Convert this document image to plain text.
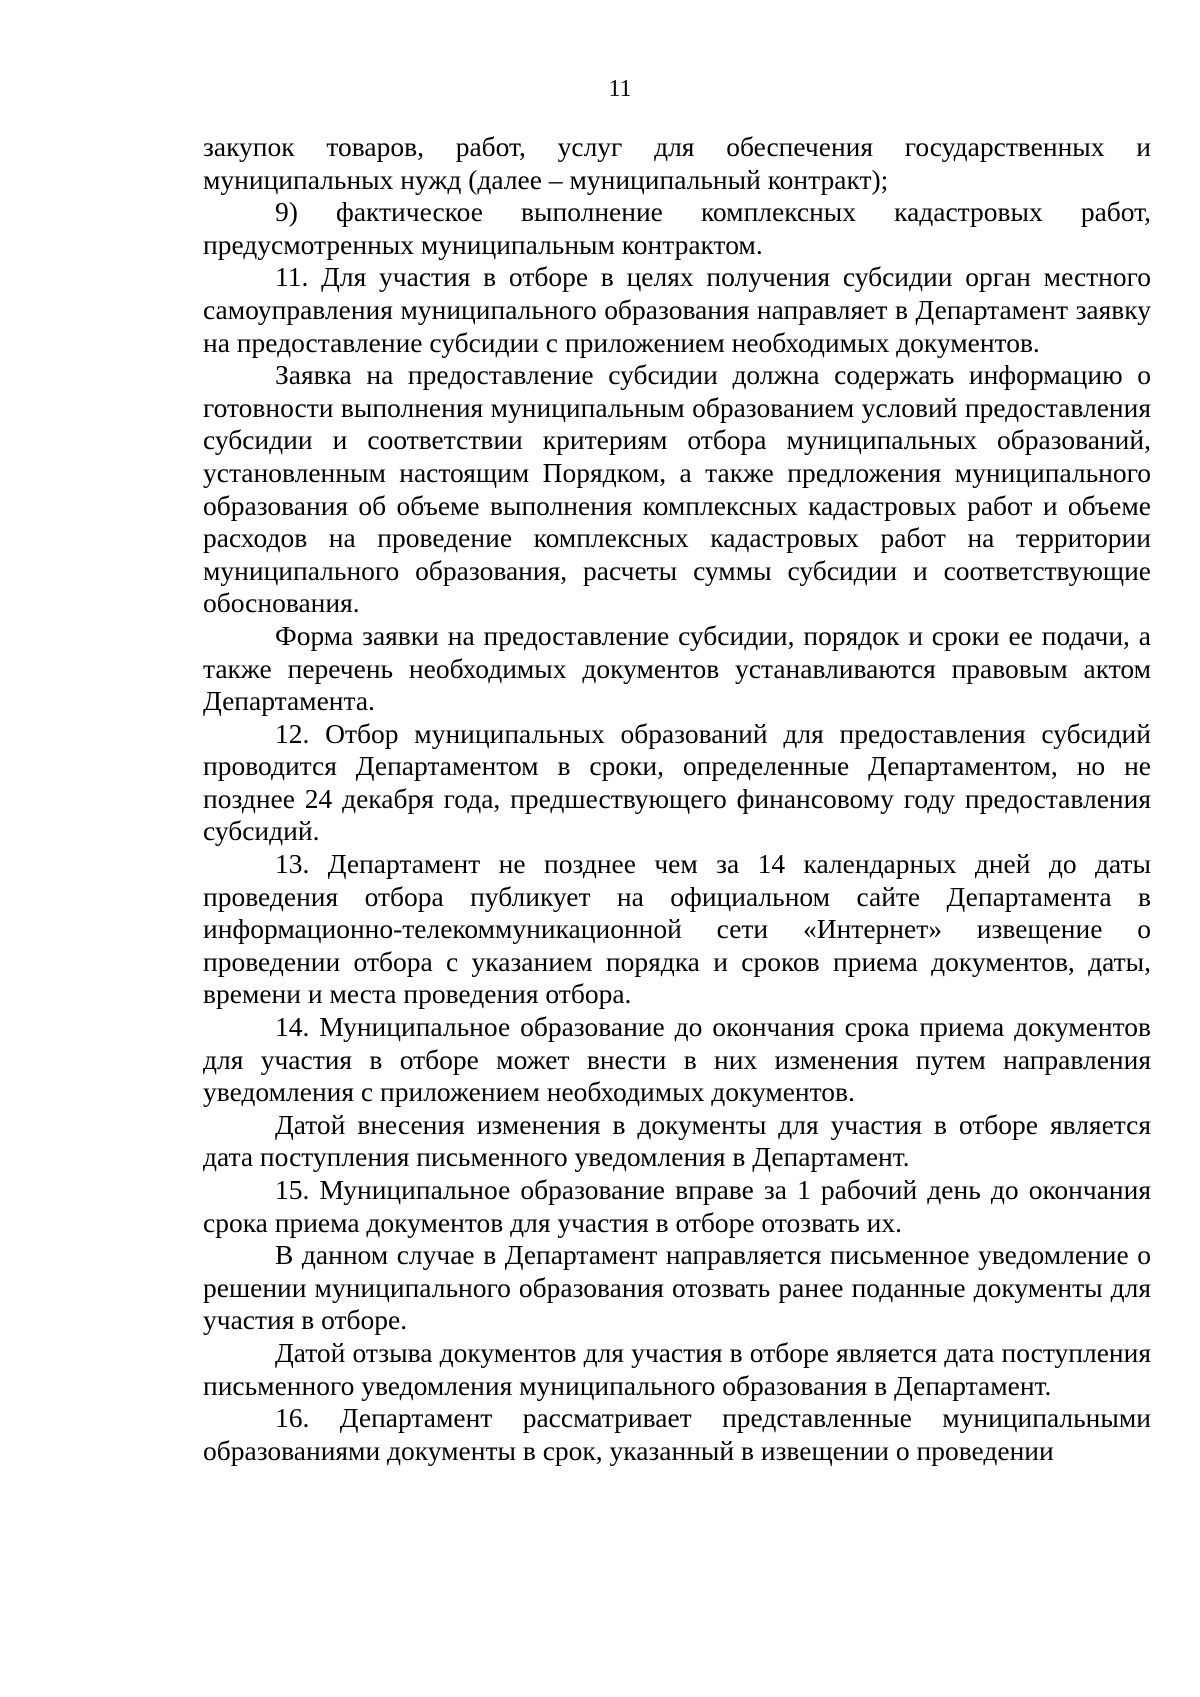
11

закупок товаров, работ, услуг для обеспечения государственных и муниципальных нужд (далее – муниципальный контракт);

9) фактическое выполнение комплексных кадастровых работ, предусмотренных муниципальным контрактом.

11. Для участия в отборе в целях получения субсидии орган местного самоуправления муниципального образования направляет в Департамент заявку на предоставление субсидии с приложением необходимых документов.

Заявка на предоставление субсидии должна содержать информацию о готовности выполнения муниципальным образованием условий предоставления субсидии и соответствии критериям отбора муниципальных образований, установленным настоящим Порядком, а также предложения муниципального образования об объеме выполнения комплексных кадастровых работ и объеме расходов на проведение комплексных кадастровых работ на территории муниципального образования, расчеты суммы субсидии и соответствующие обоснования.

Форма заявки на предоставление субсидии, порядок и сроки ее подачи, а также перечень необходимых документов устанавливаются правовым актом Департамента.

12. Отбор муниципальных образований для предоставления субсидий проводится Департаментом в сроки, определенные Департаментом, но не позднее 24 декабря года, предшествующего финансовому году предоставления субсидий.

13. Департамент не позднее чем за 14 календарных дней до даты проведения отбора публикует на официальном сайте Департамента в информационно-телекоммуникационной сети «Интернет» извещение о проведении отбора с указанием порядка и сроков приема документов, даты, времени и места проведения отбора.

14. Муниципальное образование до окончания срока приема документов для участия в отборе может внести в них изменения путем направления уведомления с приложением необходимых документов.

Датой внесения изменения в документы для участия в отборе является дата поступления письменного уведомления в Департамент.

15. Муниципальное образование вправе за 1 рабочий день до окончания срока приема документов для участия в отборе отозвать их.

В данном случае в Департамент направляется письменное уведомление о решении муниципального образования отозвать ранее поданные документы для участия в отборе.

Датой отзыва документов для участия в отборе является дата поступления письменного уведомления муниципального образования в Департамент.

16. Департамент рассматривает представленные муниципальными образованиями документы в срок, указанный в извещении о проведении
